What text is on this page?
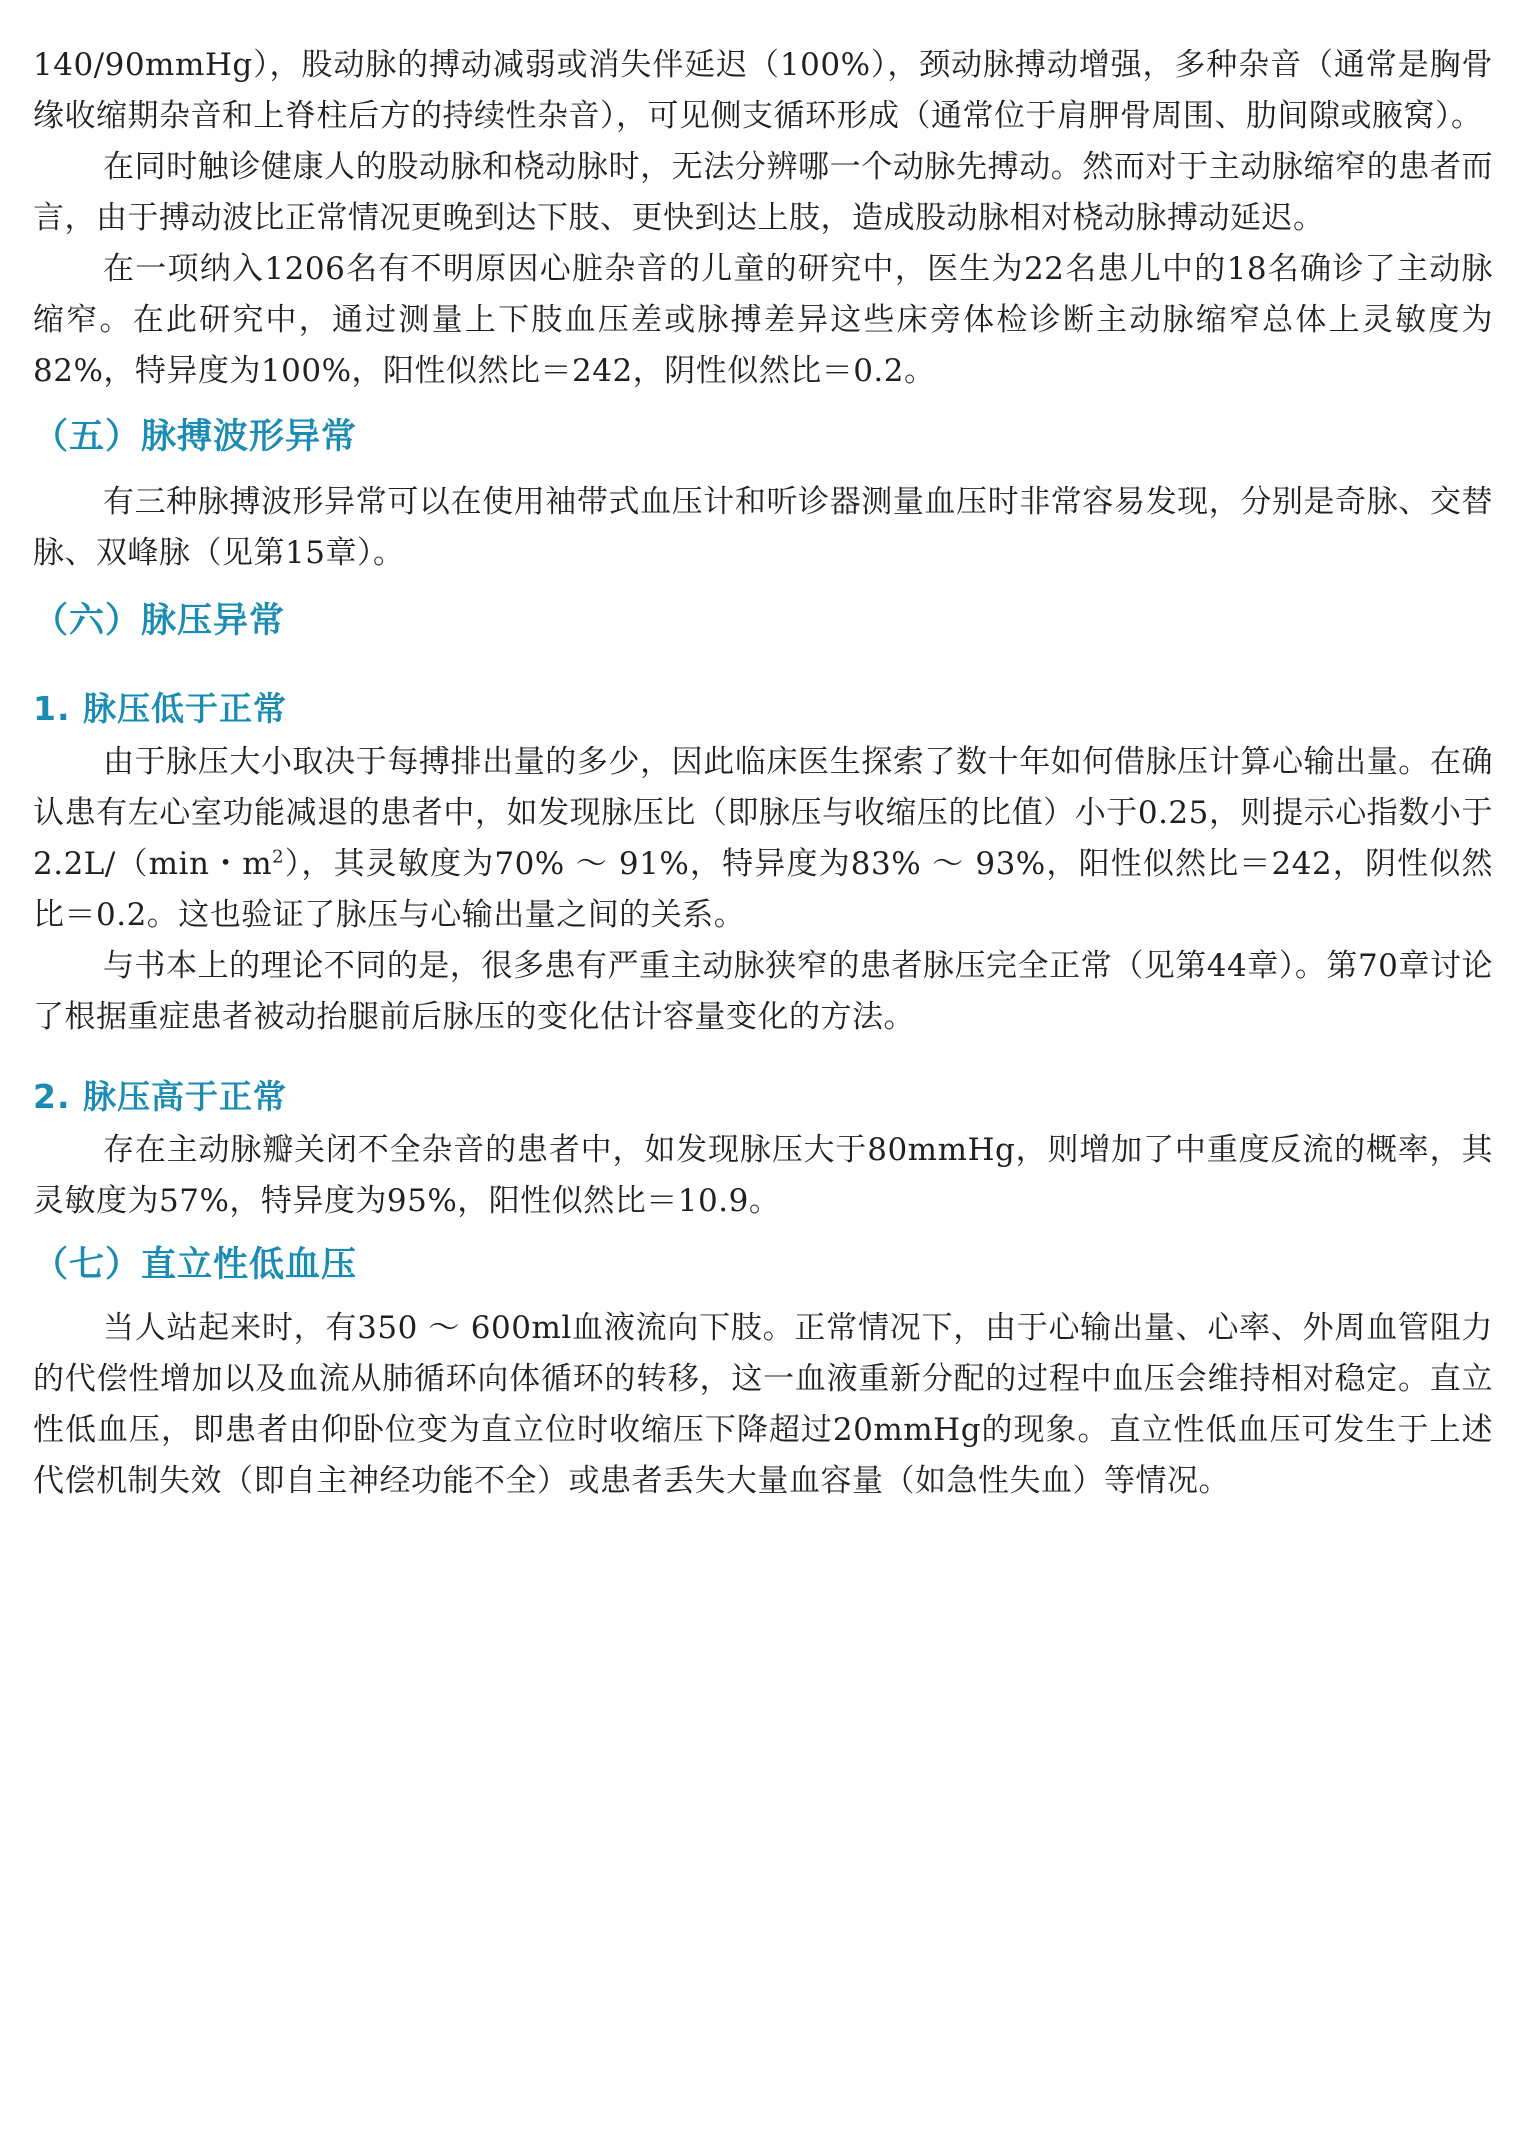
140/90mmHg），股动脉的搏动减弱或消失伴延迟（100%），颈动脉搏动增强，多种杂音（通常是胸骨缘收缩期杂音和上脊柱后方的持续性杂音），可见侧支循环形成（通常位于肩胛骨周围、肋间隙或腋窝）。

在同时触诊健康人的股动脉和桡动脉时，无法分辨哪一个动脉先搏动。然而对于主动脉缩窄的患者而言，由于搏动波比正常情况更晚到达下肢、更快到达上肢，造成股动脉相对桡动脉搏动延迟。

在一项纳入1206名有不明原因心脏杂音的儿童的研究中，医生为22名患儿中的18名确诊了主动脉缩窄。在此研究中，通过测量上下肢血压差或脉搏差异这些床旁体检诊断主动脉缩窄总体上灵敏度为82%，特异度为100%，阳性似然比＝242，阴性似然比＝0.2。

（五）脉搏波形异常

有三种脉搏波形异常可以在使用袖带式血压计和听诊器测量血压时非常容易发现，分别是奇脉、交替脉、双峰脉（见第15章）。

（六）脉压异常
1. 脉压低于正常

由于脉压大小取决于每搏排出量的多少，因此临床医生探索了数十年如何借脉压计算心输出量。在确认患有左心室功能减退的患者中，如发现脉压比（即脉压与收缩压的比值）小于0.25，则提示心指数小于2.2L/（min・$m^2$），其灵敏度为70% ～ 91%，特异度为83% ～ 93%，阳性似然比＝242，阴性似然比＝0.2。这也验证了脉压与心输出量之间的关系。

与书本上的理论不同的是，很多患有严重主动脉狭窄的患者脉压完全正常（见第44章）。第70章讨论了根据重症患者被动抬腿前后脉压的变化估计容量变化的方法。

2. 脉压高于正常

存在主动脉瓣关闭不全杂音的患者中，如发现脉压大于80mmHg，则增加了中重度反流的概率，其灵敏度为57%，特异度为95%，阳性似然比＝10.9。

（七）直立性低血压

当人站起来时，有350 ～ 600ml血液流向下肢。正常情况下，由于心输出量、心率、外周血管阻力的代偿性增加以及血流从肺循环向体循环的转移，这一血液重新分配的过程中血压会维持相对稳定。直立性低血压，即患者由仰卧位变为直立位时收缩压下降超过20mmHg的现象。直立性低血压可发生于上述代偿机制失效（即自主神经功能不全）或患者丢失大量血容量（如急性失血）等情况。
